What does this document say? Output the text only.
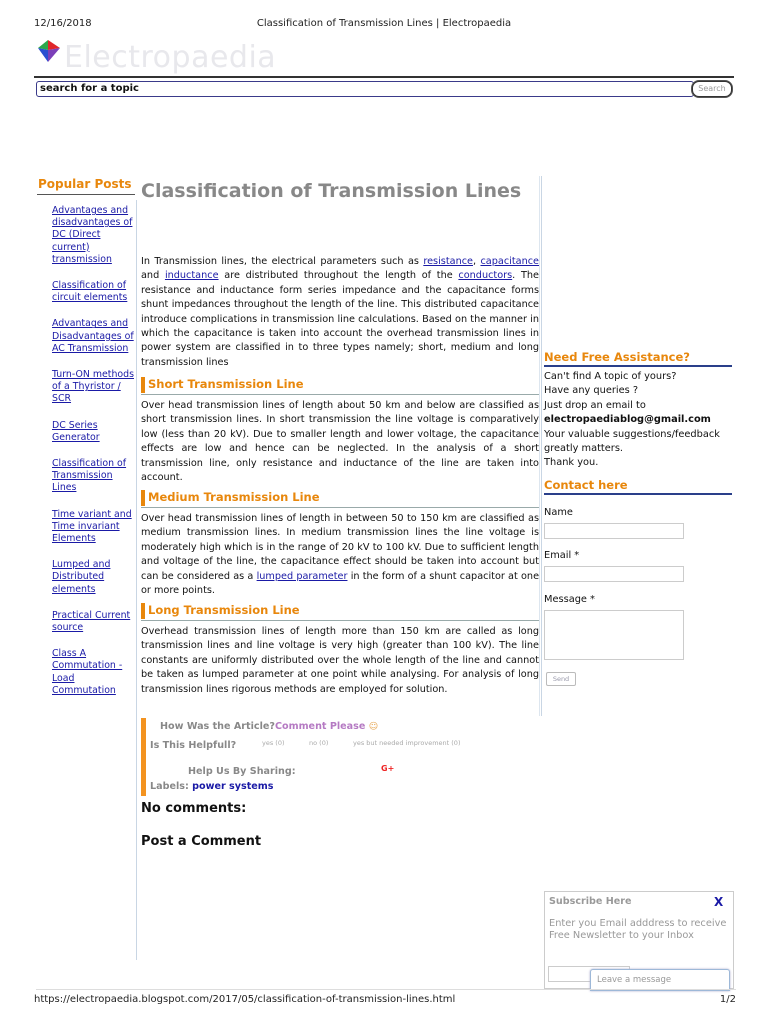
12/16/2018	Classification of Transmission Lines | Electropaedia
Electropaedia
search for a topic	Search
Popular Posts
Advantages and disadvantages of DC (Direct current) transmission
Classification of circuit elements
Advantages and Disadvantages of AC Transmission
Turn-ON methods of a Thyristor / SCR
DC Series Generator
Classification of Transmission Lines
Time variant and Time invariant Elements
Lumped and Distributed elements
Practical Current source
Class A Commutation - Load Commutation
Classification of Transmission Lines
In Transmission lines, the electrical parameters such as resistance, capacitance and inductance are distributed throughout the length of the conductors. The resistance and inductance form series impedance and the capacitance forms shunt impedances throughout the length of the line. This distributed capacitance introduce complications in transmission line calculations. Based on the manner in which the capacitance is taken into account the overhead transmission lines in power system are classified in to three types namely; short, medium and long transmission lines
Short Transmission Line
Over head transmission lines of length about 50 km and below are classified as short transmission lines. In short transmission the line voltage is comparatively low (less than 20 kV). Due to smaller length and lower voltage, the capacitance effects are low and hence can be neglected. In the analysis of a short transmission line, only resistance and inductance of the line are taken into account.
Medium Transmission Line
Over head transmission lines of length in between 50 to 150 km are classified as medium transmission lines. In medium transmission lines the line voltage is moderately high which is in the range of 20 kV to 100 kV. Due to sufficient length and voltage of the line, the capacitance effect should be taken into account but can be considered as a lumped parameter in the form of a shunt capacitor at one or more points.
Long Transmission Line
Overhead transmission lines of length more than 150 km are called as long transmission lines and line voltage is very high (greater than 100 kV). The line constants are uniformly distributed over the whole length of the line and cannot be taken as lumped parameter at one point while analysing. For analysis of long transmission lines rigorous methods are employed for solution.
How Was the Article?Comment Please ☺
Is This Helpfull?	yes (0)	no (0)	yes but needed improvement (0)
Help Us By Sharing:	G+
Labels: power systems
No comments:
Post a Comment
Need Free Assistance?
Can't find A topic of yours?
Have any queries ?
Just drop an email to
electropaediablog@gmail.com
Your valuable suggestions/feedback greatly matters.
Thank you.
Contact here
Name
Email *
Message *
Send
Subscribe Here	X
Enter you Email adddress to receive Free Newsletter to your Inbox
Leave a message
https://electropaedia.blogspot.com/2017/05/classification-of-transmission-lines.html	1/2
